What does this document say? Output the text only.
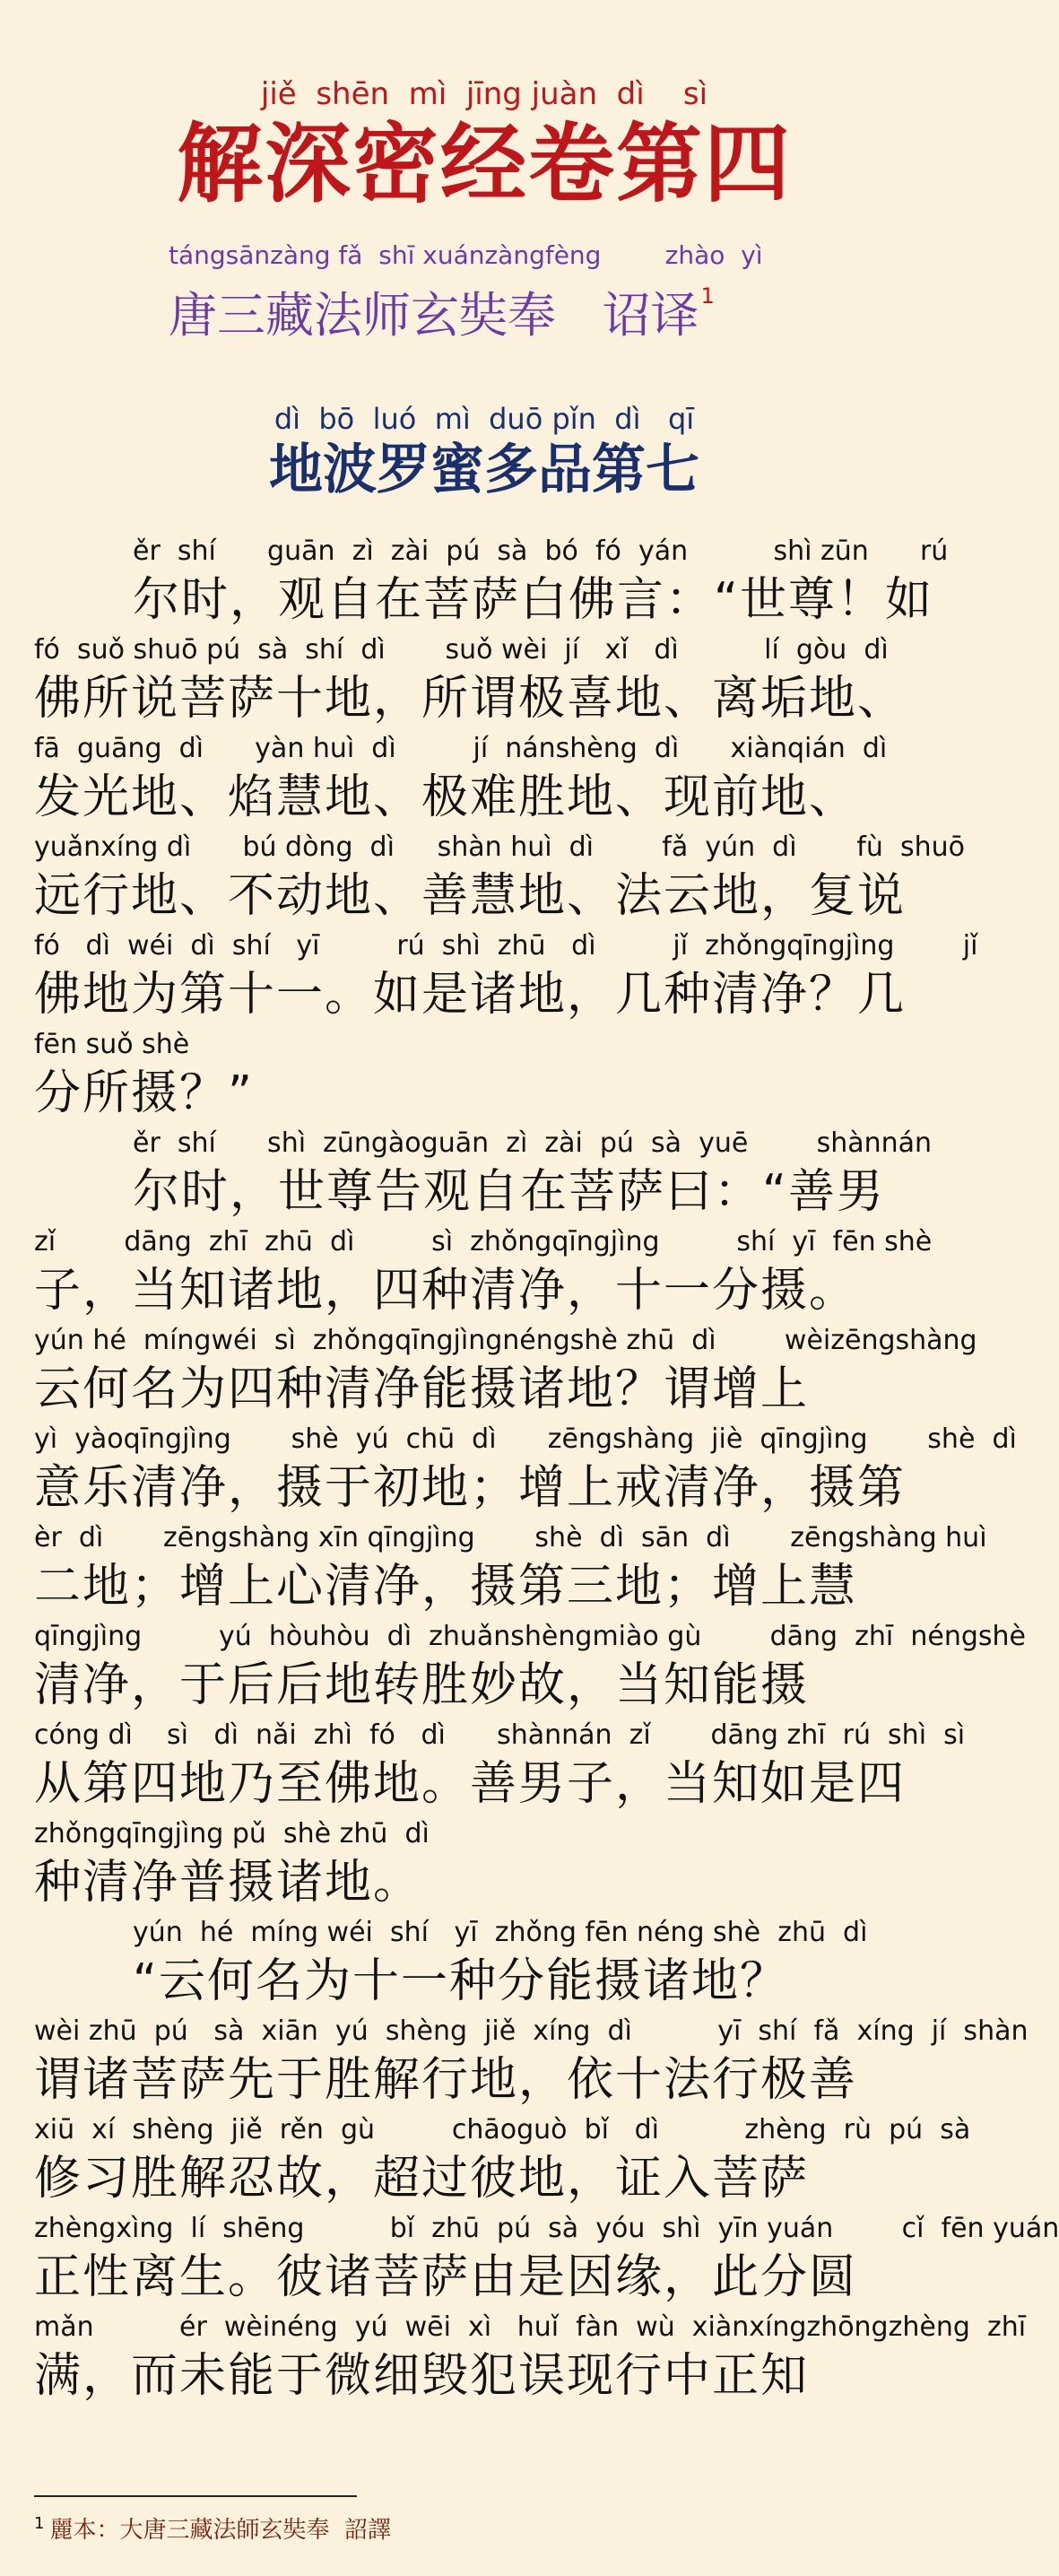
jiě  shēn  mì  jīng juàn  dì    sì
解深密经卷第四
tángsānzàng fǎ  shī xuánzàngfèng        zhào  yì
唐三藏法师玄奘奉   诏译$^1$
dì  bō  luó  mì  duō pǐn  dì   qī
地波罗蜜多品第七
ěr  shí      guān  zì  zài  pú  sà  bó  fó  yán          shì zūn      rú
尔时，观自在菩萨白佛言：“世尊！如
fó  suǒ shuō pú  sà  shí  dì       suǒ wèi  jí   xǐ   dì          lí  gòu  dì
佛所说菩萨十地，所谓极喜地、离垢地、
fā  guāng  dì      yàn huì  dì         jí  nánshèng  dì      xiànqián  dì
发光地、焰慧地、极难胜地、现前地、
yuǎnxíng dì      bú dòng  dì     shàn huì  dì        fǎ  yún  dì       fù  shuō
远行地、不动地、善慧地、法云地，复说
fó   dì  wéi  dì  shí   yī         rú  shì  zhū   dì         jǐ  zhǒngqīngjìng        jǐ
佛地为第十一。如是诸地，几种清净？几
fēn suǒ shè
分所摄？”
ěr  shí      shì  zūngàoguān  zì  zài  pú  sà  yuē        shànnán
尔时，世尊告观自在菩萨曰：“善男
zǐ        dāng  zhī  zhū  dì         sì  zhǒngqīngjìng         shí  yī  fēn shè
子，当知诸地，四种清净，十一分摄。
yún hé  míngwéi  sì  zhǒngqīngjìngnéngshè zhū  dì        wèizēngshàng
云何名为四种清净能摄诸地？谓增上
yì  yàoqīngjìng       shè  yú  chū  dì      zēngshàng  jiè  qīngjìng       shè  dì
意乐清净，摄于初地；增上戒清净，摄第
èr  dì       zēngshàng xīn qīngjìng       shè  dì  sān  dì       zēngshàng huì
二地；增上心清净，摄第三地；增上慧
qīngjìng         yú  hòuhòu  dì  zhuǎnshèngmiào gù        dāng  zhī  néngshè
清净，于后后地转胜妙故，当知能摄
cóng dì    sì   dì  nǎi  zhì  fó   dì      shànnán  zǐ       dāng zhī  rú  shì  sì
从第四地乃至佛地。善男子，当知如是四
zhǒngqīngjìng pǔ  shè zhū  dì
种清净普摄诸地。
yún  hé  míng wéi  shí   yī  zhǒng fēn néng shè  zhū  dì
“云何名为十一种分能摄诸地？
wèi zhū  pú   sà  xiān  yú  shèng  jiě  xíng  dì          yī  shí  fǎ  xíng  jí  shàn
谓诸菩萨先于胜解行地，依十法行极善
xiū  xí  shèng  jiě  rěn  gù         chāoguò  bǐ   dì          zhèng  rù  pú  sà
修习胜解忍故，超过彼地，证入菩萨
zhèngxìng  lí  shēng          bǐ  zhū  pú  sà  yóu  shì  yīn yuán        cǐ  fēn yuán
正性离生。彼诸菩萨由是因缘，此分圆
mǎn          ér  wèinéng  yú  wēi  xì   huǐ  fàn  wù  xiànxíngzhōngzhèng  zhī
满，而未能于微细毁犯误现行中正知
$^1$ 麗本：大唐三藏法師玄奘奉  詔譯
